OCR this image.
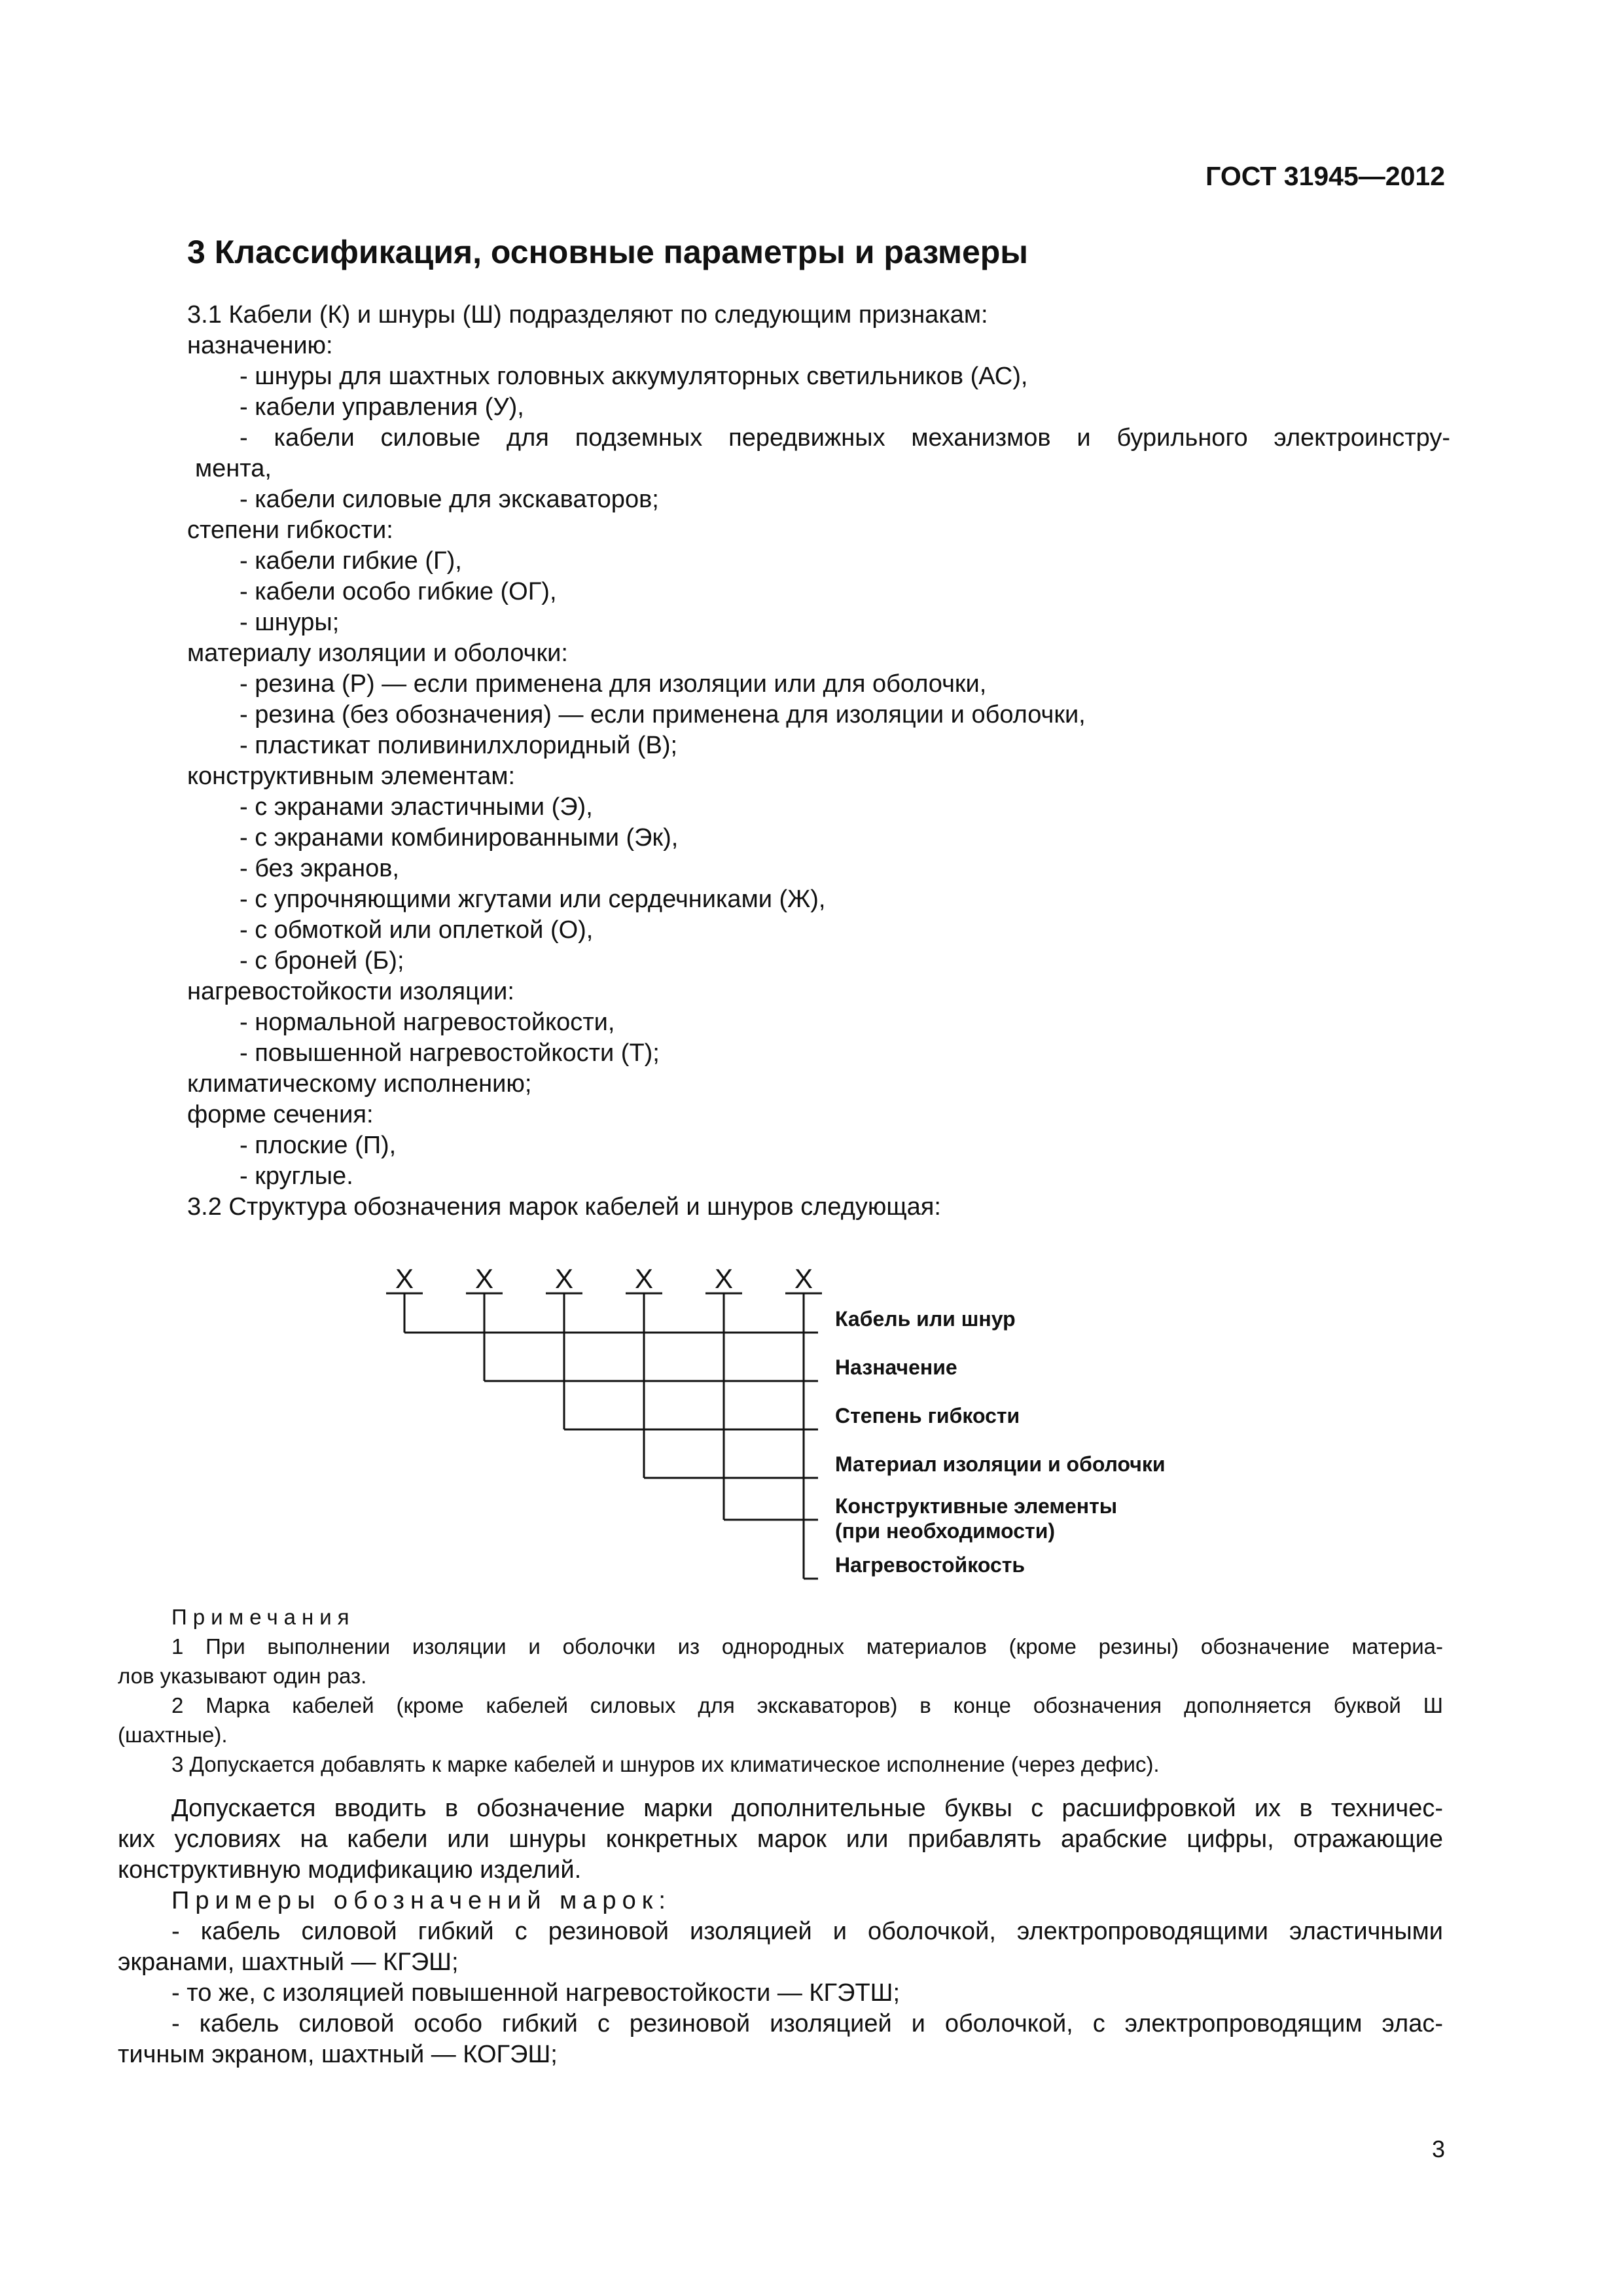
ГОСТ 31945—2012
3 Классификация, основные параметры и размеры
3.1 Кабели (К) и шнуры (Ш) подразделяют по следующим признакам:
назначению:
- шнуры для шахтных головных аккумуляторных светильников (АС),
- кабели управления (У),
- кабели силовые для подземных передвижных механизмов и бурильного электроинстру-
мента,
- кабели силовые для экскаваторов;
степени гибкости:
- кабели гибкие (Г),
- кабели особо гибкие (ОГ),
- шнуры;
материалу изоляции и оболочки:
- резина (Р) — если применена для изоляции или для оболочки,
- резина (без обозначения) — если применена для изоляции и оболочки,
- пластикат поливинилхлоридный (В);
конструктивным элементам:
- с экранами эластичными (Э),
- с экранами комбинированными (Эк),
- без экранов,
- с упрочняющими жгутами или сердечниками (Ж),
- с обмоткой или оплеткой (О),
- с броней (Б);
нагревостойкости изоляции:
- нормальной нагревостойкости,
- повышенной нагревостойкости (Т);
климатическому исполнению;
форме сечения:
- плоские (П),
- круглые.
3.2 Структура обозначения марок кабелей и шнуров следующая:
Х Х Х Х Х Х
Кабель или шнур
Назначение
Степень гибкости
Материал изоляции и оболочки
Конструктивные элементы
(при необходимости)
Нагревостойкость
Примечания
1 При выполнении изоляции и оболочки из однородных материалов (кроме резины) обозначение материа-
лов указывают один раз.
2 Марка кабелей (кроме кабелей силовых для экскаваторов) в конце обозначения дополняется буквой Ш
(шахтные).
3 Допускается добавлять к марке кабелей и шнуров их климатическое исполнение (через дефис).
Допускается вводить в обозначение марки дополнительные буквы с расшифровкой их в техничес-
ких условиях на кабели или шнуры конкретных марок или прибавлять арабские цифры, отражающие
конструктивную модификацию изделий.
Примеры обозначений марок:
- кабель силовой гибкий с резиновой изоляцией и оболочкой, электропроводящими эластичными
экранами, шахтный — КГЭШ;
- то же, с изоляцией повышенной нагревостойкости — КГЭТШ;
- кабель силовой особо гибкий с резиновой изоляцией и оболочкой, с электропроводящим элас-
тичным экраном, шахтный — КОГЭШ;
3
